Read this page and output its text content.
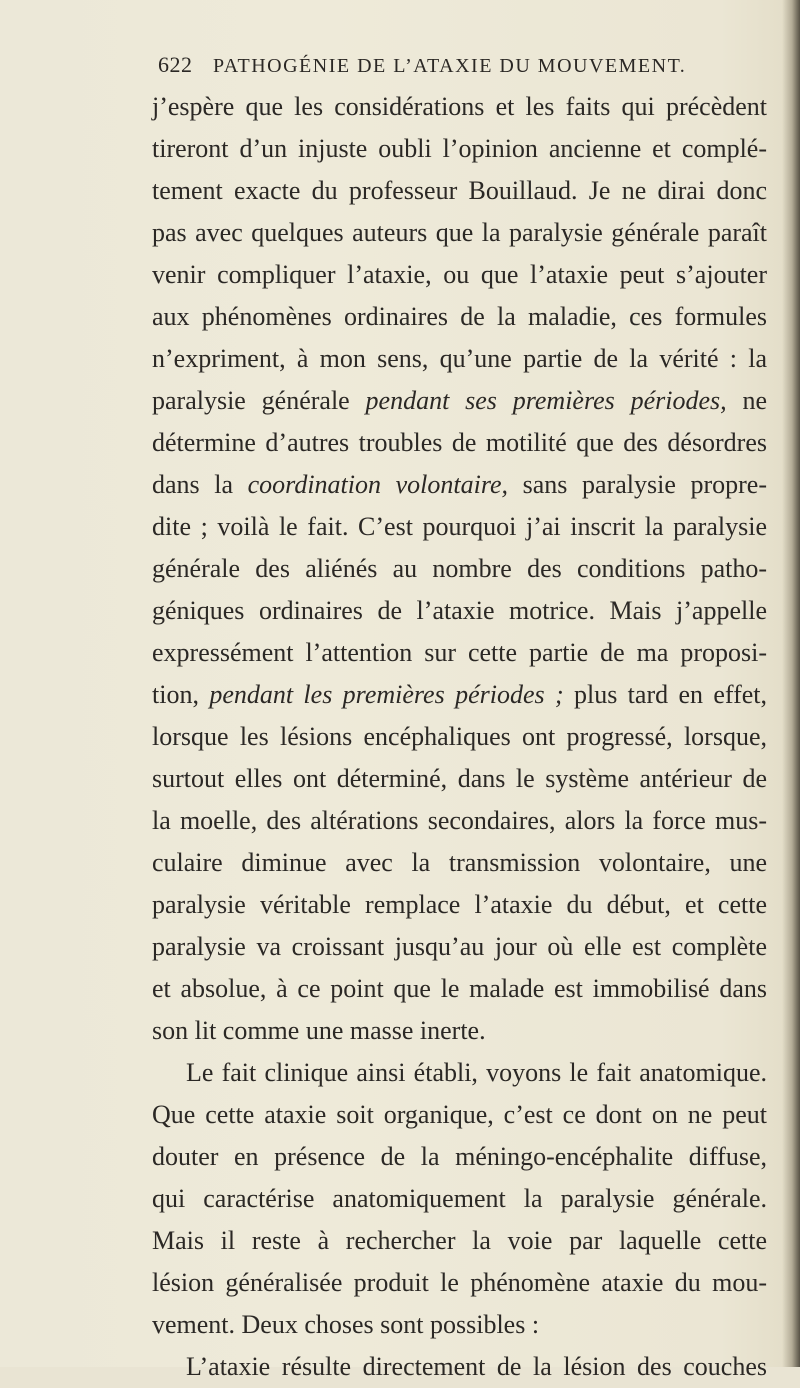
622 PATHOGÉNIE DE L’ATAXIE DU MOUVEMENT.
j’espère que les considérations et les faits qui précèdent
tireront d’un injuste oubli l’opinion ancienne et complé-
tement exacte du professeur Bouillaud. Je ne dirai donc
pas avec quelques auteurs que la paralysie générale paraît
venir compliquer l’ataxie, ou que l’ataxie peut s’ajouter
aux phénomènes ordinaires de la maladie, ces formules
n’expriment, à mon sens, qu’une partie de la vérité : la
paralysie générale pendant ses premières périodes, ne
détermine d’autres troubles de motilité que des désordres
dans la coordination volontaire, sans paralysie propre-
dite ; voilà le fait. C’est pourquoi j’ai inscrit la paralysie
générale des aliénés au nombre des conditions patho-
géniques ordinaires de l’ataxie motrice. Mais j’appelle
expressément l’attention sur cette partie de ma proposi-
tion, pendant les premières périodes ; plus tard en effet,
lorsque les lésions encéphaliques ont progressé, lorsque,
surtout elles ont déterminé, dans le système antérieur de
la moelle, des altérations secondaires, alors la force mus-
culaire diminue avec la transmission volontaire, une
paralysie véritable remplace l’ataxie du début, et cette
paralysie va croissant jusqu’au jour où elle est complète
et absolue, à ce point que le malade est immobilisé dans
son lit comme une masse inerte.
Le fait clinique ainsi établi, voyons le fait anatomique.
Que cette ataxie soit organique, c’est ce dont on ne peut
douter en présence de la méningo-encéphalite diffuse,
qui caractérise anatomiquement la paralysie générale.
Mais il reste à rechercher la voie par laquelle cette
lésion généralisée produit le phénomène ataxie du mou-
vement. Deux choses sont possibles :
L’ataxie résulte directement de la lésion des couches
